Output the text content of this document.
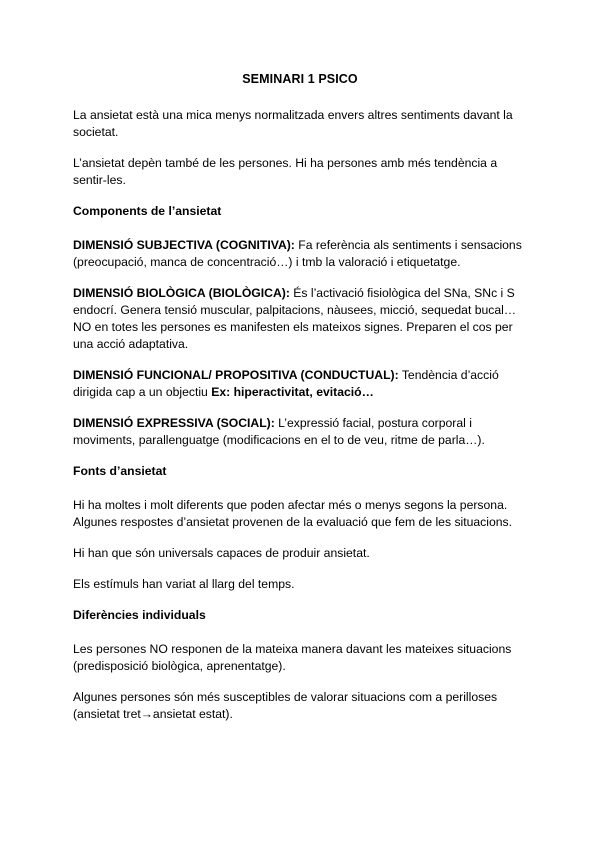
SEMINARI 1 PSICO

La ansietat està una mica menys normalitzada envers altres sentiments davant la societat.

L’ansietat depèn també de les persones. Hi ha persones amb més tendència a sentir-les.

Components de l’ansietat

DIMENSIÓ SUBJECTIVA (COGNITIVA): Fa referència als sentiments i sensacions (preocupació, manca de concentració…) i tmb la valoració i etiquetatge.

DIMENSIÓ BIOLÒGICA (BIOLÒGICA): És l’activació fisiològica del SNa, SNc i S endocrí. Genera tensió muscular, palpitacions, nàusees, micció, sequedat bucal… NO en totes les persones es manifesten els mateixos signes. Preparen el cos per una acció adaptativa.

DIMENSIÓ FUNCIONAL/ PROPOSITIVA (CONDUCTUAL): Tendència d’acció dirigida cap a un objectiu Ex: hiperactivitat, evitació…

DIMENSIÓ EXPRESSIVA (SOCIAL): L’expressió facial, postura corporal i moviments, parallenguatge (modificacions en el to de veu, ritme de parla…).

Fonts d’ansietat

Hi ha moltes i molt diferents que poden afectar més o menys segons la persona. Algunes respostes d’ansietat provenen de la evaluació que fem de les situacions.

Hi han que són universals capaces de produir ansietat.

Els estímuls han variat al llarg del temps.

Diferències individuals

Les persones NO responen de la mateixa manera davant les mateixes situacions (predisposició biològica, aprenentatge).

Algunes persones són més susceptibles de valorar situacions com a perilloses (ansietat tret→ansietat estat).
